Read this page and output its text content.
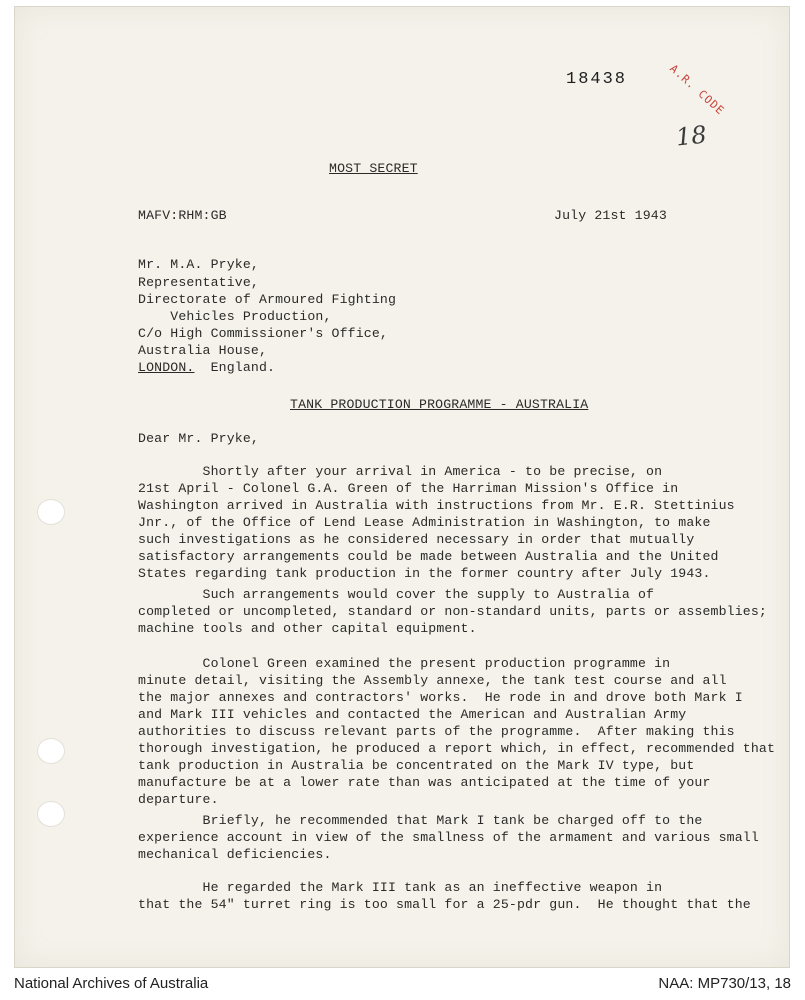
18438	A.R. CODE
18
MOST SECRET
MAFV:RHM:GB	July 21st 1943
Mr. M.A. Pryke,
Representative,
Directorate of Armoured Fighting
Vehicles Production,
C/o High Commissioner's Office,
Australia House,
LONDON. England.
TANK PRODUCTION PROGRAMME - AUSTRALIA
Dear Mr. Pryke,
Shortly after your arrival in America - to be precise, on
21st April - Colonel G.A. Green of the Harriman Mission's Office in
Washington arrived in Australia with instructions from Mr. E.R. Stettinius
Jnr., of the Office of Lend Lease Administration in Washington, to make
such investigations as he considered necessary in order that mutually
satisfactory arrangements could be made between Australia and the United
States regarding tank production in the former country after July 1943.
Such arrangements would cover the supply to Australia of
completed or uncompleted, standard or non-standard units, parts or assemblies;
machine tools and other capital equipment.
Colonel Green examined the present production programme in
minute detail, visiting the Assembly annexe, the tank test course and all
the major annexes and contractors' works.  He rode in and drove both Mark I
and Mark III vehicles and contacted the American and Australian Army
authorities to discuss relevant parts of the programme.  After making this
thorough investigation, he produced a report which, in effect, recommended that
tank production in Australia be concentrated on the Mark IV type, but
manufacture be at a lower rate than was anticipated at the time of your
departure.
Briefly, he recommended that Mark I tank be charged off to the
experience account in view of the smallness of the armament and various small
mechanical deficiencies.
He regarded the Mark III tank as an ineffective weapon in
that the 54" turret ring is too small for a 25-pdr gun.  He thought that the
National Archives of Australia	NAA: MP730/13, 18
